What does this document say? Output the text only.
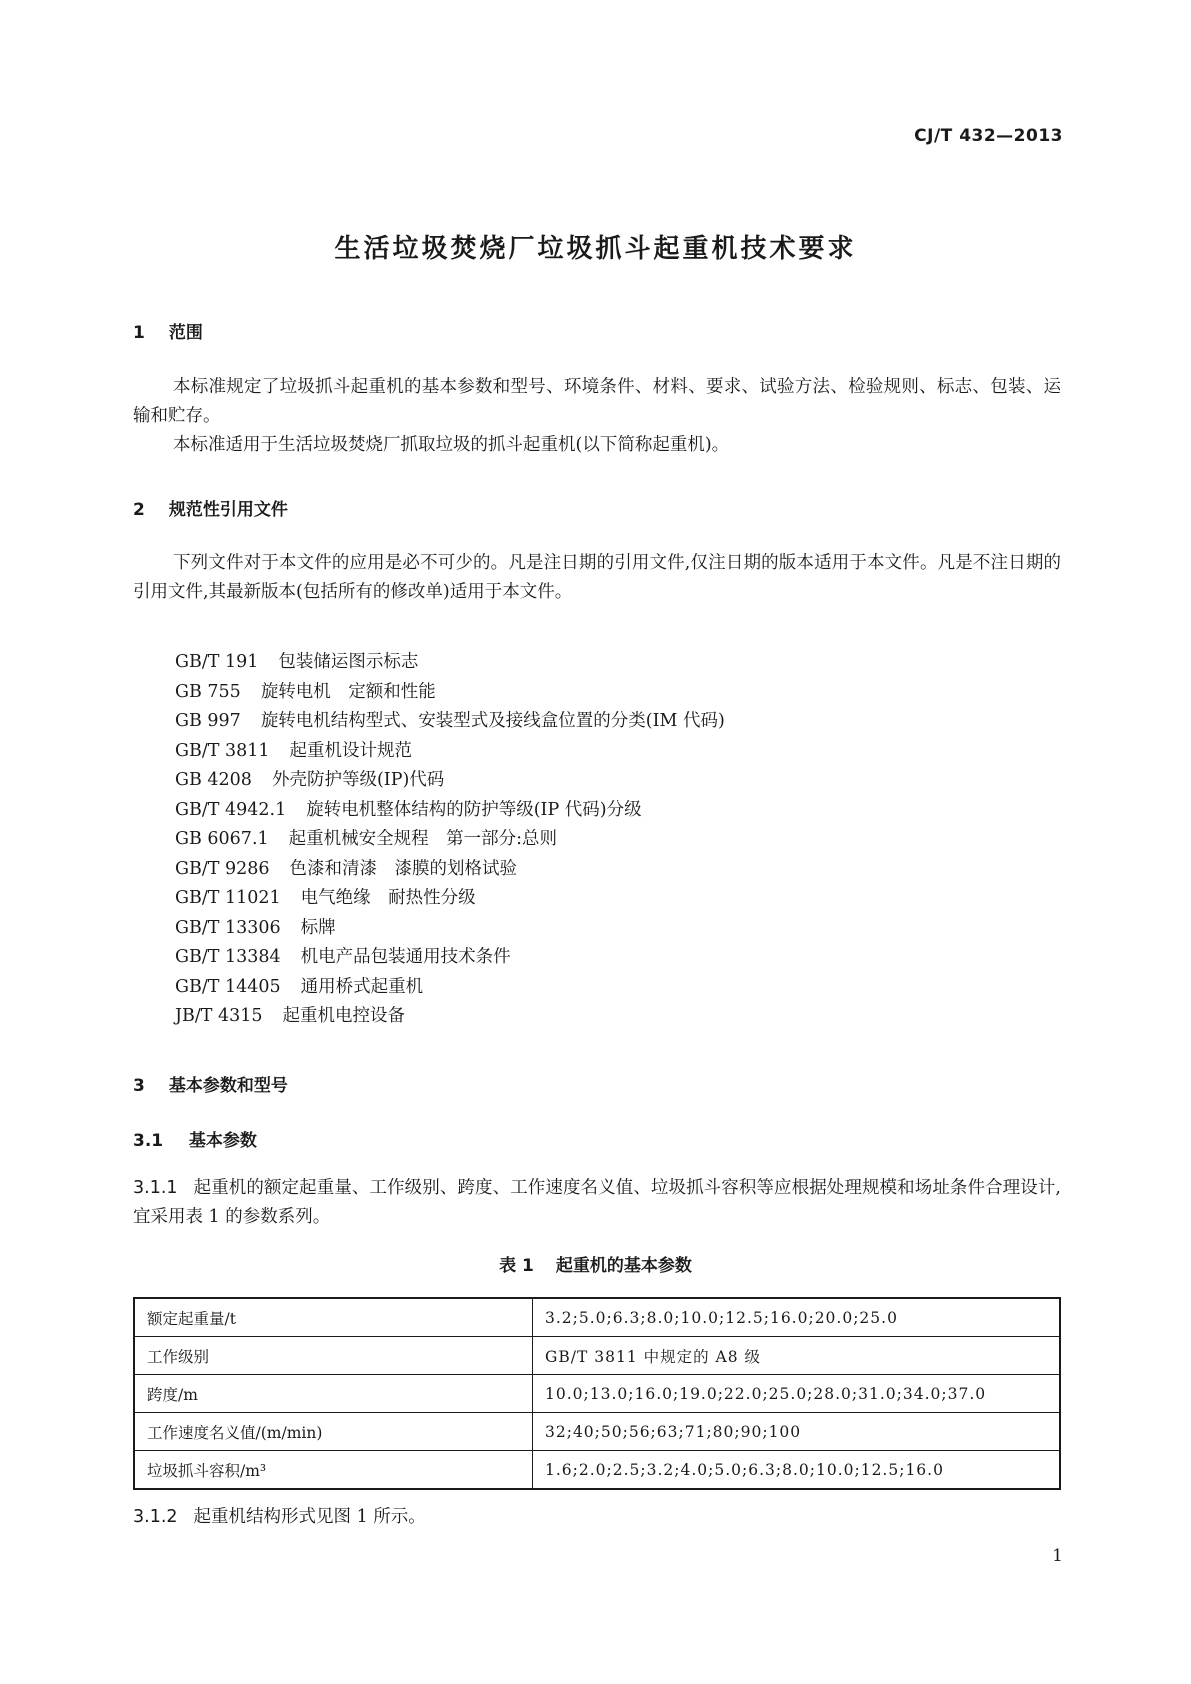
CJ/T 432—2013
生活垃圾焚烧厂垃圾抓斗起重机技术要求
1 范围

本标准规定了垃圾抓斗起重机的基本参数和型号、环境条件、材料、要求、试验方法、检验规则、标志、包装、运输和贮存。

本标准适用于生活垃圾焚烧厂抓取垃圾的抓斗起重机(以下简称起重机)。

2 规范性引用文件

下列文件对于本文件的应用是必不可少的。凡是注日期的引用文件,仅注日期的版本适用于本文件。凡是不注日期的引用文件,其最新版本(包括所有的修改单)适用于本文件。

GB/T 191 包装储运图示标志
GB 755 旋转电机　定额和性能
GB 997 旋转电机结构型式、安装型式及接线盒位置的分类(IM 代码)
GB/T 3811 起重机设计规范
GB 4208 外壳防护等级(IP)代码
GB/T 4942.1 旋转电机整体结构的防护等级(IP 代码)分级
GB 6067.1 起重机械安全规程　第一部分:总则
GB/T 9286 色漆和清漆　漆膜的划格试验
GB/T 11021 电气绝缘　耐热性分级
GB/T 13306 标牌
GB/T 13384 机电产品包装通用技术条件
GB/T 14405 通用桥式起重机
JB/T 4315 起重机电控设备
3 基本参数和型号
3.1 基本参数

3.1.1 起重机的额定起重量、工作级别、跨度、工作速度名义值、垃圾抓斗容积等应根据处理规模和场址条件合理设计,宜采用表 1 的参数系列。

表 1 起重机的基本参数
额定起重量/t	3.2;5.0;6.3;8.0;10.0;12.5;16.0;20.0;25.0
工作级别	GB/T 3811 中规定的 A8 级
跨度/m	10.0;13.0;16.0;19.0;22.0;25.0;28.0;31.0;34.0;37.0
工作速度名义值/(m/min)	32;40;50;56;63;71;80;90;100
垃圾抓斗容积/m³	1.6;2.0;2.5;3.2;4.0;5.0;6.3;8.0;10.0;12.5;16.0

3.1.2 起重机结构形式见图 1 所示。

1
